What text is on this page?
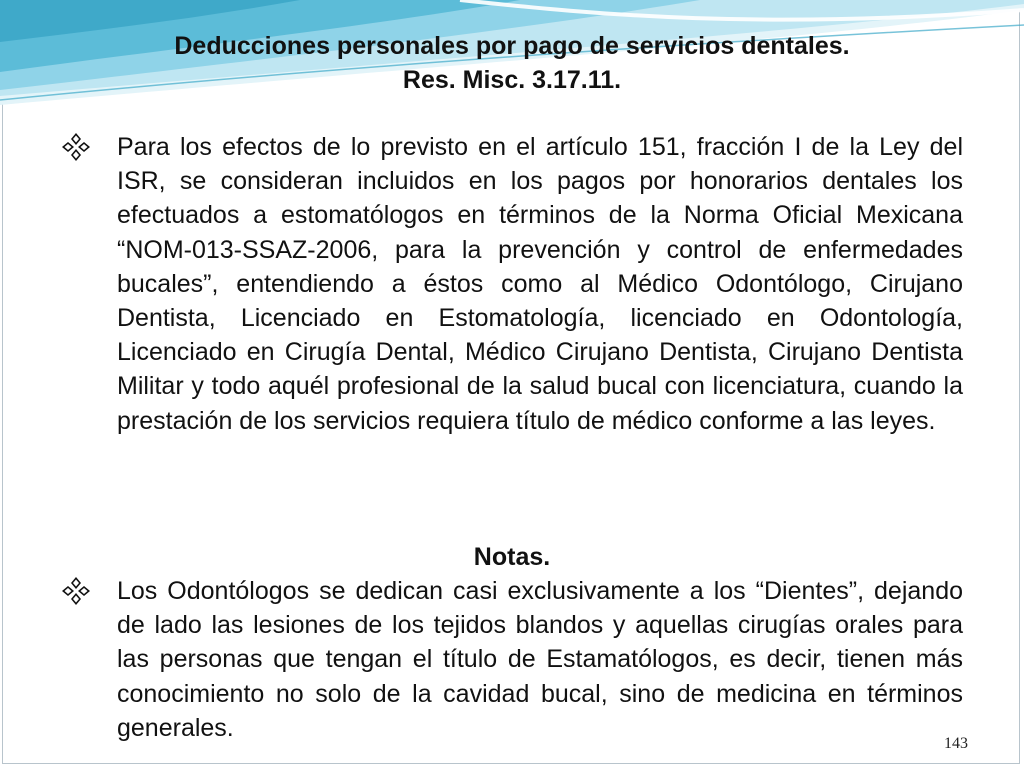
Deducciones personales por pago de servicios dentales.

Res. Misc. 3.17.11.

Para los efectos de lo previsto en el artículo 151, fracción I de la Ley del ISR, se consideran incluidos en los pagos por honorarios dentales los efectuados a estomatólogos en términos de la Norma Oficial Mexicana “NOM-013-SSAZ-2006, para la prevención y control de enfermedades bucales”, entendiendo a éstos como al Médico Odontólogo, Cirujano Dentista, Licenciado en Estomatología, licenciado en Odontología, Licenciado en Cirugía Dental, Médico Cirujano Dentista, Cirujano Dentista Militar y todo aquél profesional de la salud bucal con licenciatura, cuando la prestación de los servicios requiera título de médico conforme a las leyes.

Notas.

Los Odontólogos se dedican casi exclusivamente a los “Dientes”, dejando de lado las lesiones de los tejidos blandos y aquellas cirugías orales para las personas que tengan el título de Estamatólogos, es decir, tienen más conocimiento no solo de la cavidad bucal, sino de medicina en términos generales.

143
